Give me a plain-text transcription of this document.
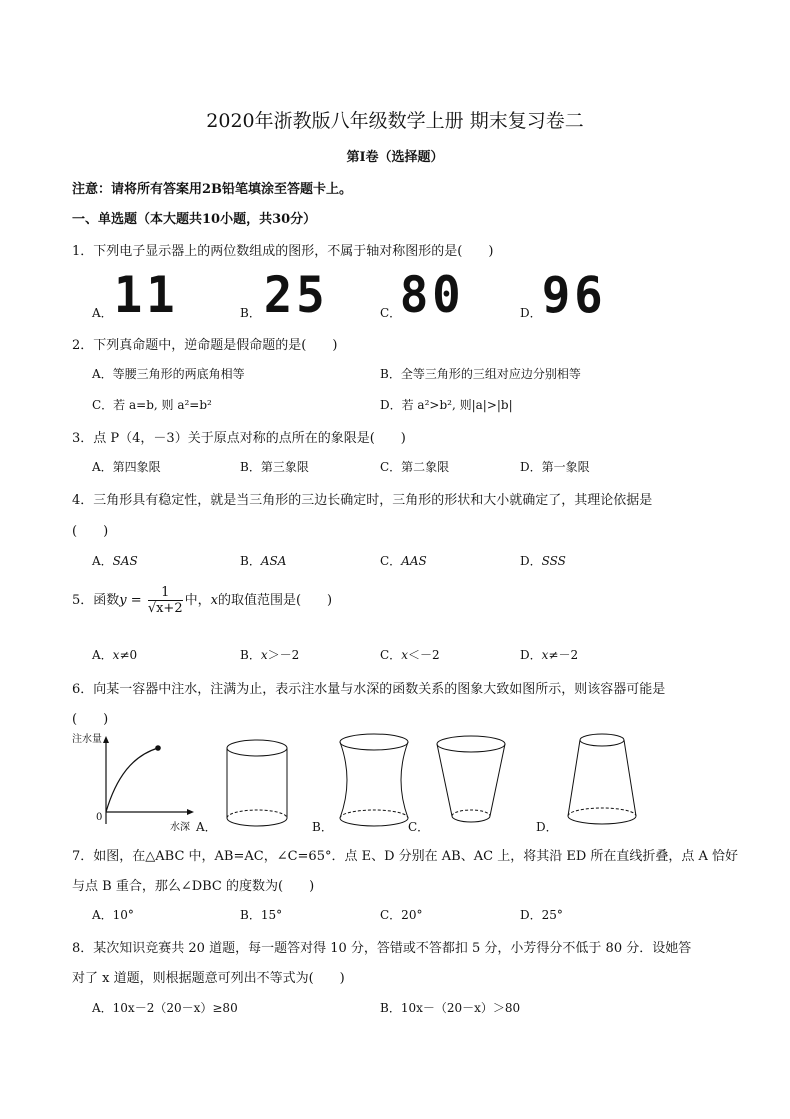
2020年浙教版八年级数学上册 期末复习卷二
第Ⅰ卷（选择题）
注意：请将所有答案用2B铅笔填涂至答题卡上。
一、单选题（本大题共10小题，共30分）
1．下列电子显示器上的两位数组成的图形，不属于轴对称图形的是(　　)
A． 11	B． 25	C．
80	D． 96
2．下列真命题中，逆命题是假命题的是(　　)
A．等腰三角形的两底角相等	B．全等三角形的三组对应边分别相等
C．若 a=b, 则 a²=b²	D．若 a²>b², 则|a|>|b|
3．点 P（4，－3）关于原点对称的点所在的象限是(　　)
A．第四象限	B．第三象限	C．第二象限	D．第一象限
4．三角形具有稳定性，就是当三角形的三边长确定时，三角形的形状和大小就确定了，其理论依据是
(　　)
A．SAS	B．ASA	C．AAS	D．SSS
5．函数$y = \frac{1}{√x+2}$ 中，x的取值范围是(　　)
A．x≠0	B．x＞－2	C．x＜－2	D．x≠－2
6．向某一容器中注水，注满为止，表示注水量与水深的函数关系的图象大致如图所示，则该容器可能是
(　　)
注水量
0
水深 A．	B．	C．	D．
7．如图，在△ABC 中，AB=AC，∠C=65°．点 E、D 分别在 AB、AC 上，将其沿 ED 所在直线折叠，点 A 恰好
与点 B 重合，那么∠DBC 的度数为(　　)
A．10°	B．15°	C．20°	D．25°
8．某次知识竞赛共 20 道题，每一题答对得 10 分，答错或不答都扣 5 分，小芳得分不低于 80 分．设她答
对了 x 道题，则根据题意可列出不等式为(　　)
A．10x－2（20－x）≥80	B．10x－（20－x）＞80
